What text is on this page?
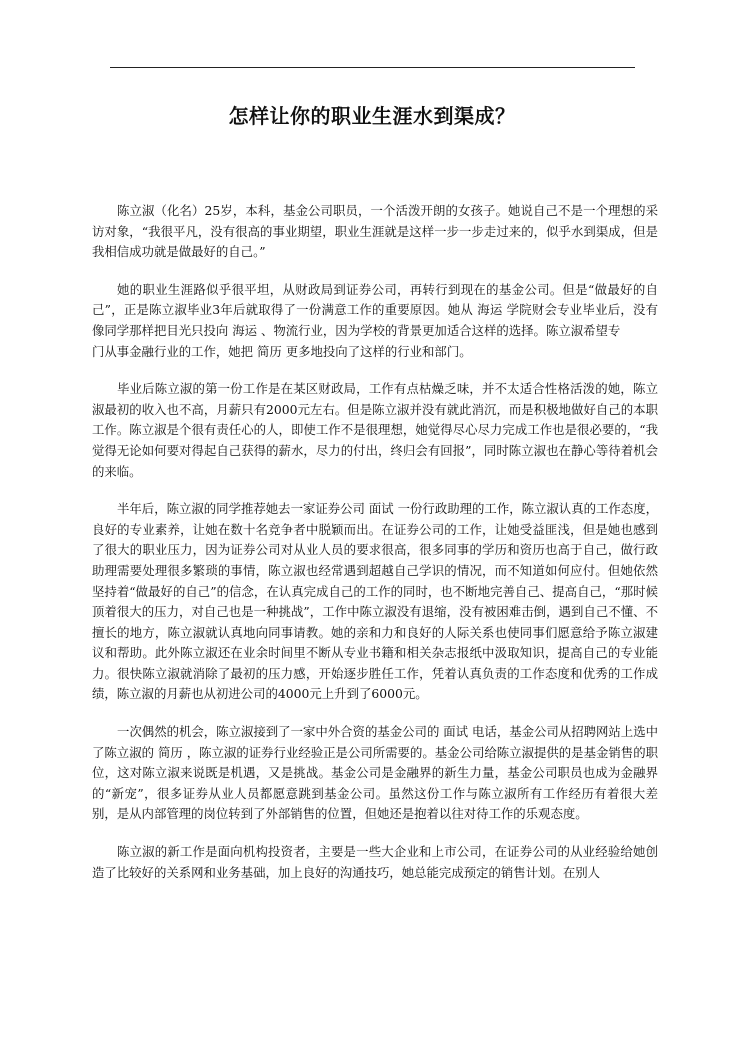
怎样让你的职业生涯水到渠成？

陈立淑（化名）25岁，本科，基金公司职员，一个活泼开朗的女孩子。她说自己不是一个理想的采访对象，“我很平凡，没有很高的事业期望，职业生涯就是这样一步一步走过来的，似乎水到渠成，但是我相信成功就是做最好的自己。”

她的职业生涯路似乎很平坦，从财政局到证券公司，再转行到现在的基金公司。但是“做最好的自己”，正是陈立淑毕业3年后就取得了一份满意工作的重要原因。她从 海运 学院财会专业毕业后，没有像同学那样把目光只投向 海运 、物流行业，因为学校的背景更加适合这样的选择。陈立淑希望专

门从事金融行业的工作，她把 简历 更多地投向了这样的行业和部门。

毕业后陈立淑的第一份工作是在某区财政局，工作有点枯燥乏味，并不太适合性格活泼的她，陈立淑最初的收入也不高，月薪只有2000元左右。但是陈立淑并没有就此消沉，而是积极地做好自己的本职工作。陈立淑是个很有责任心的人，即使工作不是很理想，她觉得尽心尽力完成工作也是很必要的，“我觉得无论如何要对得起自己获得的薪水，尽力的付出，终归会有回报”，同时陈立淑也在静心等待着机会的来临。

半年后，陈立淑的同学推荐她去一家证券公司 面试 一份行政助理的工作，陈立淑认真的工作态度，良好的专业素养，让她在数十名竞争者中脱颖而出。在证券公司的工作，让她受益匪浅，但是她也感到了很大的职业压力，因为证券公司对从业人员的要求很高，很多同事的学历和资历也高于自己，做行政助理需要处理很多繁琐的事情，陈立淑也经常遇到超越自己学识的情况，而不知道如何应付。但她依然坚持着“做最好的自己”的信念，在认真完成自己的工作的同时，也不断地完善自己、提高自己，“那时候顶着很大的压力，对自己也是一种挑战”，工作中陈立淑没有退缩，没有被困难击倒，遇到自己不懂、不擅长的地方，陈立淑就认真地向同事请教。她的亲和力和良好的人际关系也使同事们愿意给予陈立淑建议和帮助。此外陈立淑还在业余时间里不断从专业书籍和相关杂志报纸中汲取知识，提高自己的专业能力。很快陈立淑就消除了最初的压力感，开始逐步胜任工作，凭着认真负责的工作态度和优秀的工作成绩，陈立淑的月薪也从初进公司的4000元上升到了6000元。

一次偶然的机会，陈立淑接到了一家中外合资的基金公司的 面试 电话，基金公司从招聘网站上选中了陈立淑的 简历 ，陈立淑的证券行业经验正是公司所需要的。基金公司给陈立淑提供的是基金销售的职位，这对陈立淑来说既是机遇，又是挑战。基金公司是金融界的新生力量，基金公司职员也成为金融界的“新宠”，很多证券从业人员都愿意跳到基金公司。虽然这份工作与陈立淑所有工作经历有着很大差别，是从内部管理的岗位转到了外部销售的位置，但她还是抱着以往对待工作的乐观态度。

陈立淑的新工作是面向机构投资者，主要是一些大企业和上市公司，在证券公司的从业经验给她创造了比较好的关系网和业务基础，加上良好的沟通技巧，她总能完成预定的销售计划。在别人
